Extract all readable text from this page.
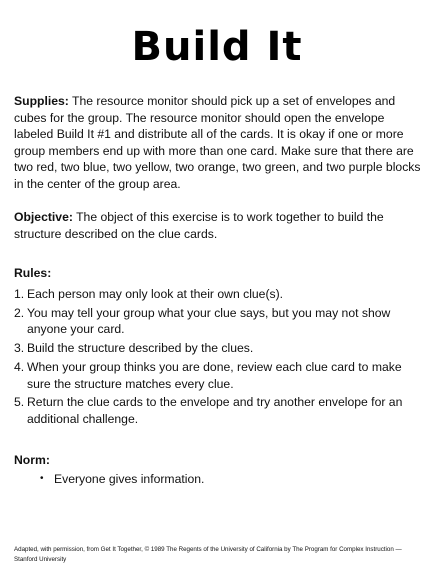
Build It
Supplies: The resource monitor should pick up a set of envelopes and cubes for the group. The resource monitor should open the envelope labeled Build It #1 and distribute all of the cards. It is okay if one or more group members end up with more than one card. Make sure that there are two red, two blue, two yellow, two orange, two green, and two purple blocks in the center of the group area.
Objective: The object of this exercise is to work together to build the structure described on the clue cards.
Rules:
1. Each person may only look at their own clue(s).
2. You may tell your group what your clue says, but you may not show anyone your card.
3. Build the structure described by the clues.
4. When your group thinks you are done, review each clue card to make sure the structure matches every clue.
5. Return the clue cards to the envelope and try another envelope for an additional challenge.
Norm:
• Everyone gives information.
Adapted, with permission, from Get It Together, © 1989 The Regents of the University of California by The Program for Complex Instruction — Stanford University
